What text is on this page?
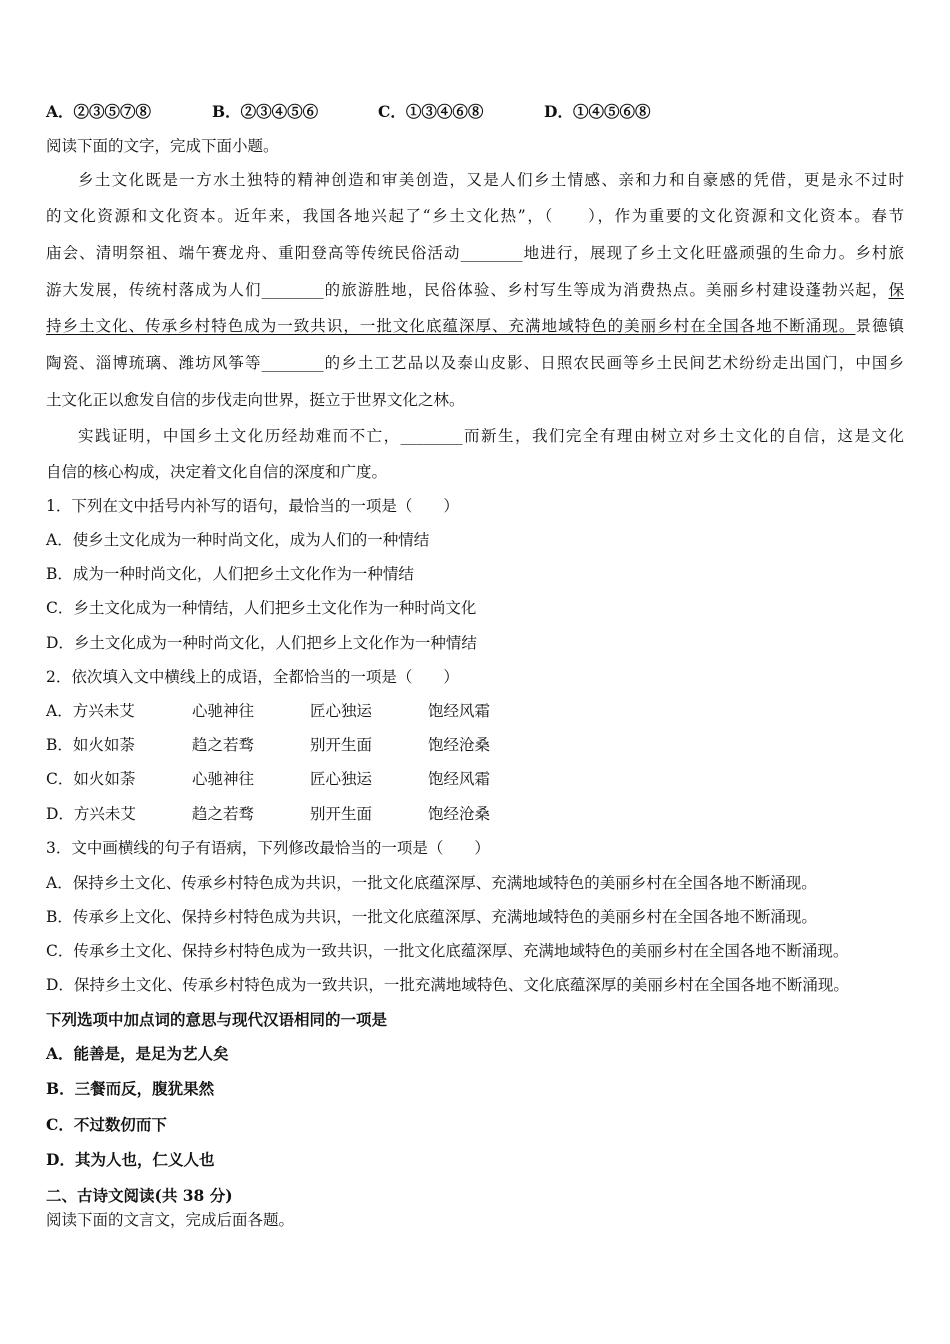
A．②③⑤⑦⑧	B．②③④⑤⑥	C．①③④⑥⑧	D．①④⑤⑥⑧
阅读下面的文字，完成下面小题。
乡土文化既是一方水土独特的精神创造和审美创造，又是人们乡土情感、亲和力和自豪感的凭借，更是永不过时
的文化资源和文化资本。近年来，我国各地兴起了“乡土文化热”，（　　），作为重要的文化资源和文化资本。春节
庙会、清明祭祖、端午赛龙舟、重阳登高等传统民俗活动________地进行，展现了乡土文化旺盛顽强的生命力。乡村旅
游大发展，传统村落成为人们________的旅游胜地，民俗体验、乡村写生等成为消费热点。美丽乡村建设蓬勃兴起，保
持乡土文化、传承乡村特色成为一致共识，一批文化底蕴深厚、充满地域特色的美丽乡村在全国各地不断涌现。景德镇
陶瓷、淄博琉璃、潍坊风筝等________的乡土工艺品以及泰山皮影、日照农民画等乡土民间艺术纷纷走出国门，中国乡
土文化正以愈发自信的步伐走向世界，挺立于世界文化之林。
实践证明，中国乡土文化历经劫难而不亡，________而新生，我们完全有理由树立对乡土文化的自信，这是文化
自信的核心构成，决定着文化自信的深度和广度。
1．下列在文中括号内补写的语句，最恰当的一项是（　　）
A．使乡土文化成为一种时尚文化，成为人们的一种情结
B．成为一种时尚文化，人们把乡土文化作为一种情结
C．乡土文化成为一种情结，人们把乡土文化作为一种时尚文化
D．乡土文化成为一种时尚文化，人们把乡上文化作为一种情结
2．依次填入文中横线上的成语，全都恰当的一项是（　　）
A．方兴未艾	心驰神往	匠心独运	饱经风霜
B．如火如荼	趋之若骛	别开生面	饱经沧桑
C．如火如荼	心驰神往	匠心独运	饱经风霜
D．方兴未艾	趋之若骛	别开生面	饱经沧桑
3．文中画横线的句子有语病，下列修改最恰当的一项是（　　）
A．保持乡土文化、传承乡村特色成为共识，一批文化底蕴深厚、充满地域特色的美丽乡村在全国各地不断涌现。
B．传承乡上文化、保持乡村特色成为共识，一批文化底蕴深厚、充满地域特色的美丽乡村在全国各地不断涌现。
C．传承乡土文化、保持乡村特色成为一致共识，一批文化底蕴深厚、充满地域特色的美丽乡村在全国各地不断涌现。
D．保持乡土文化、传承乡村特色成为一致共识，一批充满地域特色、文化底蕴深厚的美丽乡村在全国各地不断涌现。
下列选项中加点词的意思与现代汉语相同的一项是
A．能善是，是足为艺人矣
B．三餐而反，腹犹果然
C．不过数仞而下
D．其为人也，仁义人也
二、古诗文阅读(共 38 分)
阅读下面的文言文，完成后面各题。
